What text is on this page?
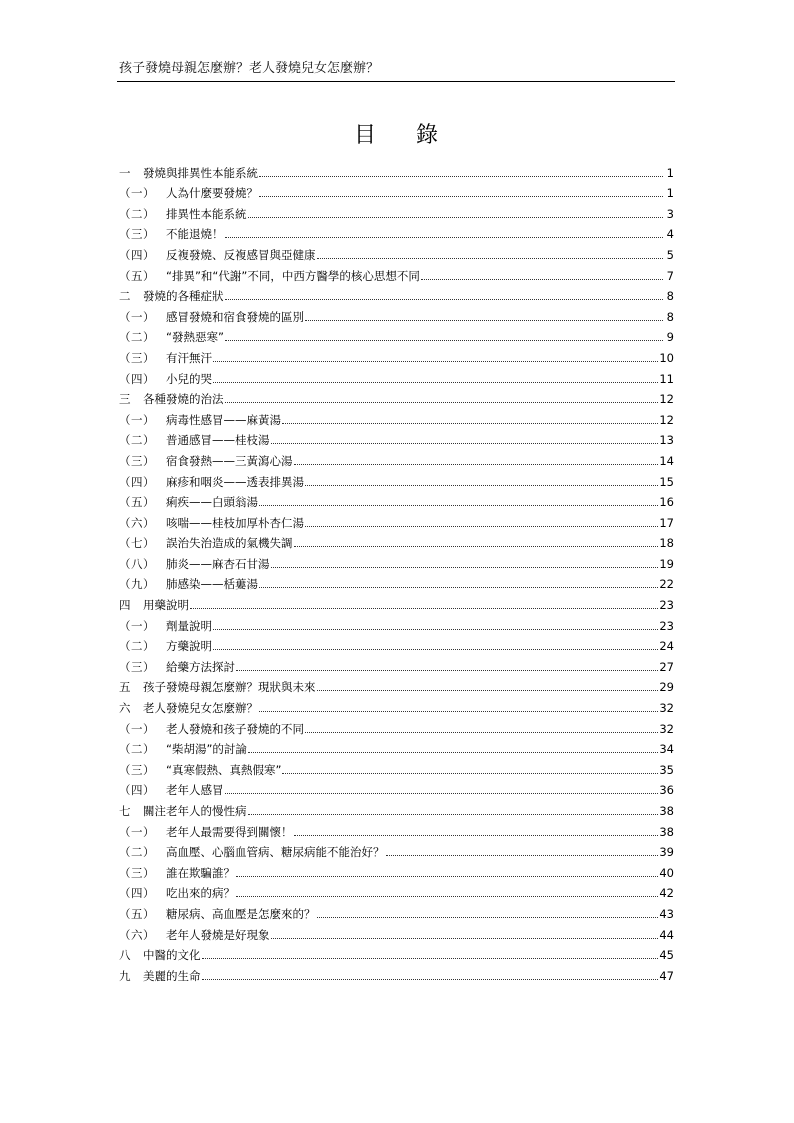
孩子發燒母親怎麼辦？老人發燒兒女怎麼辦？
目 錄
一	發燒與排異性本能系統	1
（一） 人為什麼要發燒？	1
（二） 排異性本能系統	3
（三） 不能退燒！	4
（四） 反複發燒、反複感冒與亞健康	5
（五） “排異”和“代謝”不同，中西方醫學的核心思想不同	7
二	發燒的各種症狀	8
（一） 感冒發燒和宿食發燒的區別	8
（二） “發熱惡寒”	9
（三） 有汗無汗	10
（四） 小兒的哭	11
三	各種發燒的治法	12
（一） 病毒性感冒——麻黃湯	12
（二） 普通感冒——桂枝湯	13
（三） 宿食發熱——三黃瀉心湯	14
（四） 麻疹和咽炎——透表排異湯	15
（五） 痢疾——白頭翁湯	16
（六） 咳喘——桂枝加厚朴杏仁湯	17
（七） 誤治失治造成的氣機失調	18
（八） 肺炎——麻杏石甘湯	19
（九） 肺感染——栝蔞湯	22
四	用藥說明	23
（一） 劑量說明	23
（二） 方藥說明	24
（三） 給藥方法探討	27
五	孩子發燒母親怎麼辦？現狀與未來	29
六	老人發燒兒女怎麼辦？	32
（一） 老人發燒和孩子發燒的不同	32
（二） “柴胡湯”的討論	34
（三） “真寒假熱、真熱假寒”	35
（四） 老年人感冒	36
七	關注老年人的慢性病	38
（一） 老年人最需要得到關懷！	38
（二） 高血壓、心腦血管病、糖尿病能不能治好？	39
（三） 誰在欺騙誰？	40
（四） 吃出來的病？	42
（五） 糖尿病、高血壓是怎麼來的？	43
（六） 老年人發燒是好現象	44
八	中醫的文化	45
九	美麗的生命	47
